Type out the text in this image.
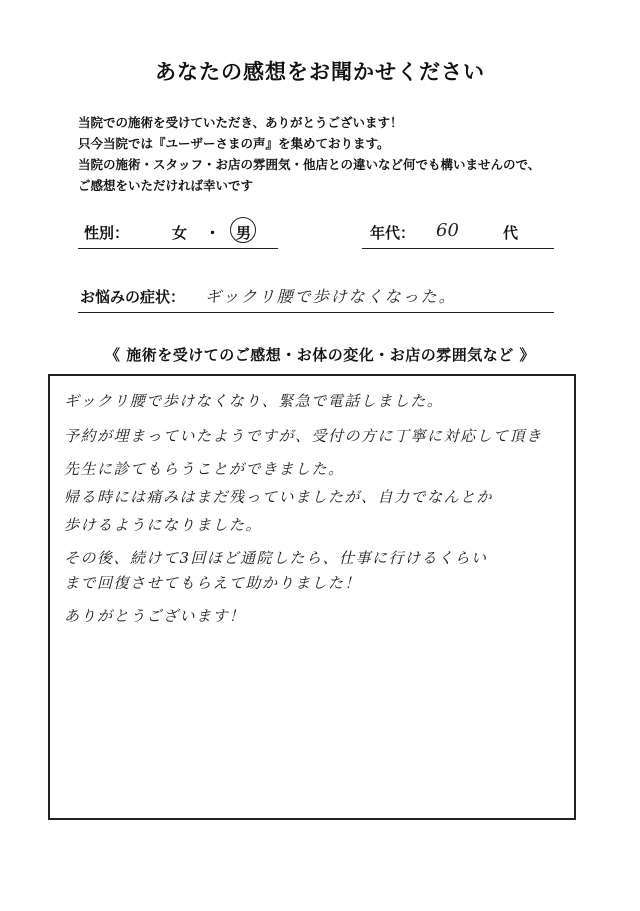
あなたの感想をお聞かせください
当院での施術を受けていただき、ありがとうございます！
只今当院では『ユーザーさまの声』を集めております。
当院の施術・スタッフ・お店の雰囲気・他店との違いなど何でも構いませんので、
ご感想をいただければ幸いです
性別：	女 ・ 男	年代： 60	代
お悩みの症状： ギックリ腰で歩けなくなった。
《 施術を受けてのご感想・お体の変化・お店の雰囲気など 》
ギックリ腰で歩けなくなり、緊急で電話しました。
予約が埋まっていたようですが、受付の方に丁寧に対応して頂き
先生に診てもらうことができました。
帰る時には痛みはまだ残っていましたが、自力でなんとか
歩けるようになりました。
その後、続けて3回ほど通院したら、仕事に行けるくらい
まで回復させてもらえて助かりました！
ありがとうございます！
